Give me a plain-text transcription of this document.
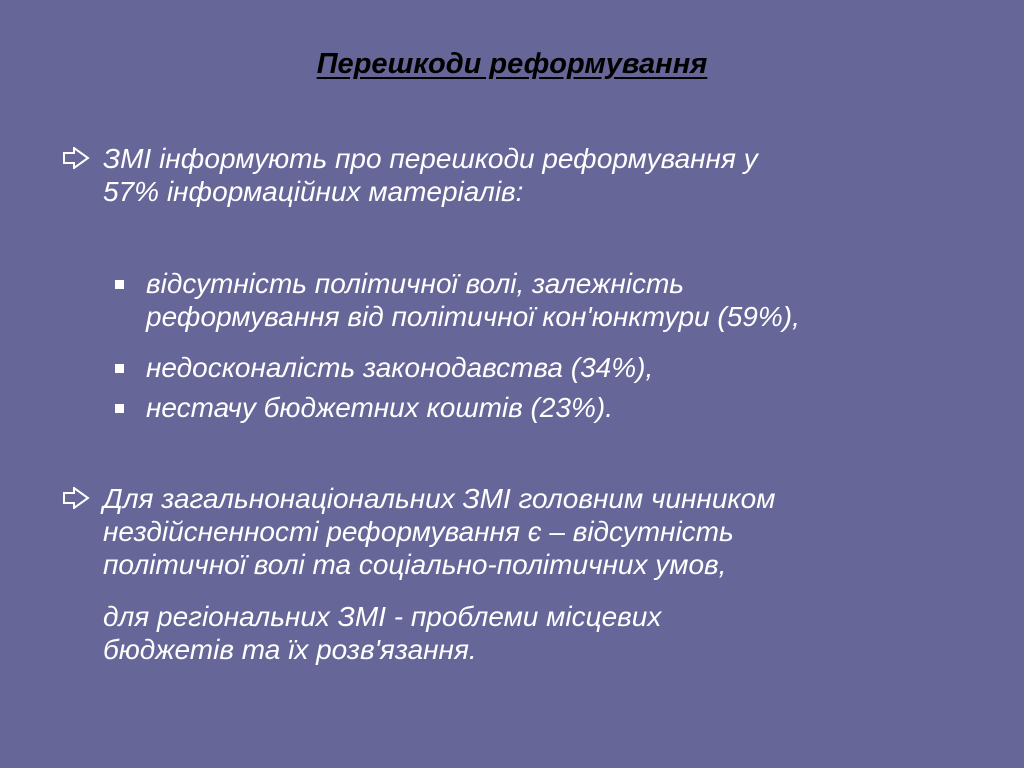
Перешкоди реформування
ЗМІ інформують про перешкоди реформування у
57% інформаційних матеріалів:
відсутність політичної волі, залежність
реформування від політичної кон'юнктури (59%),
недосконалість законодавства (34%),
нестачу бюджетних коштів (23%).
Для загальнонаціональних ЗМІ головним чинником
нездійсненності реформування є – відсутність
політичної волі та соціально-політичних умов,
для регіональних ЗМІ - проблеми місцевих
бюджетів та їх розв'язання.
